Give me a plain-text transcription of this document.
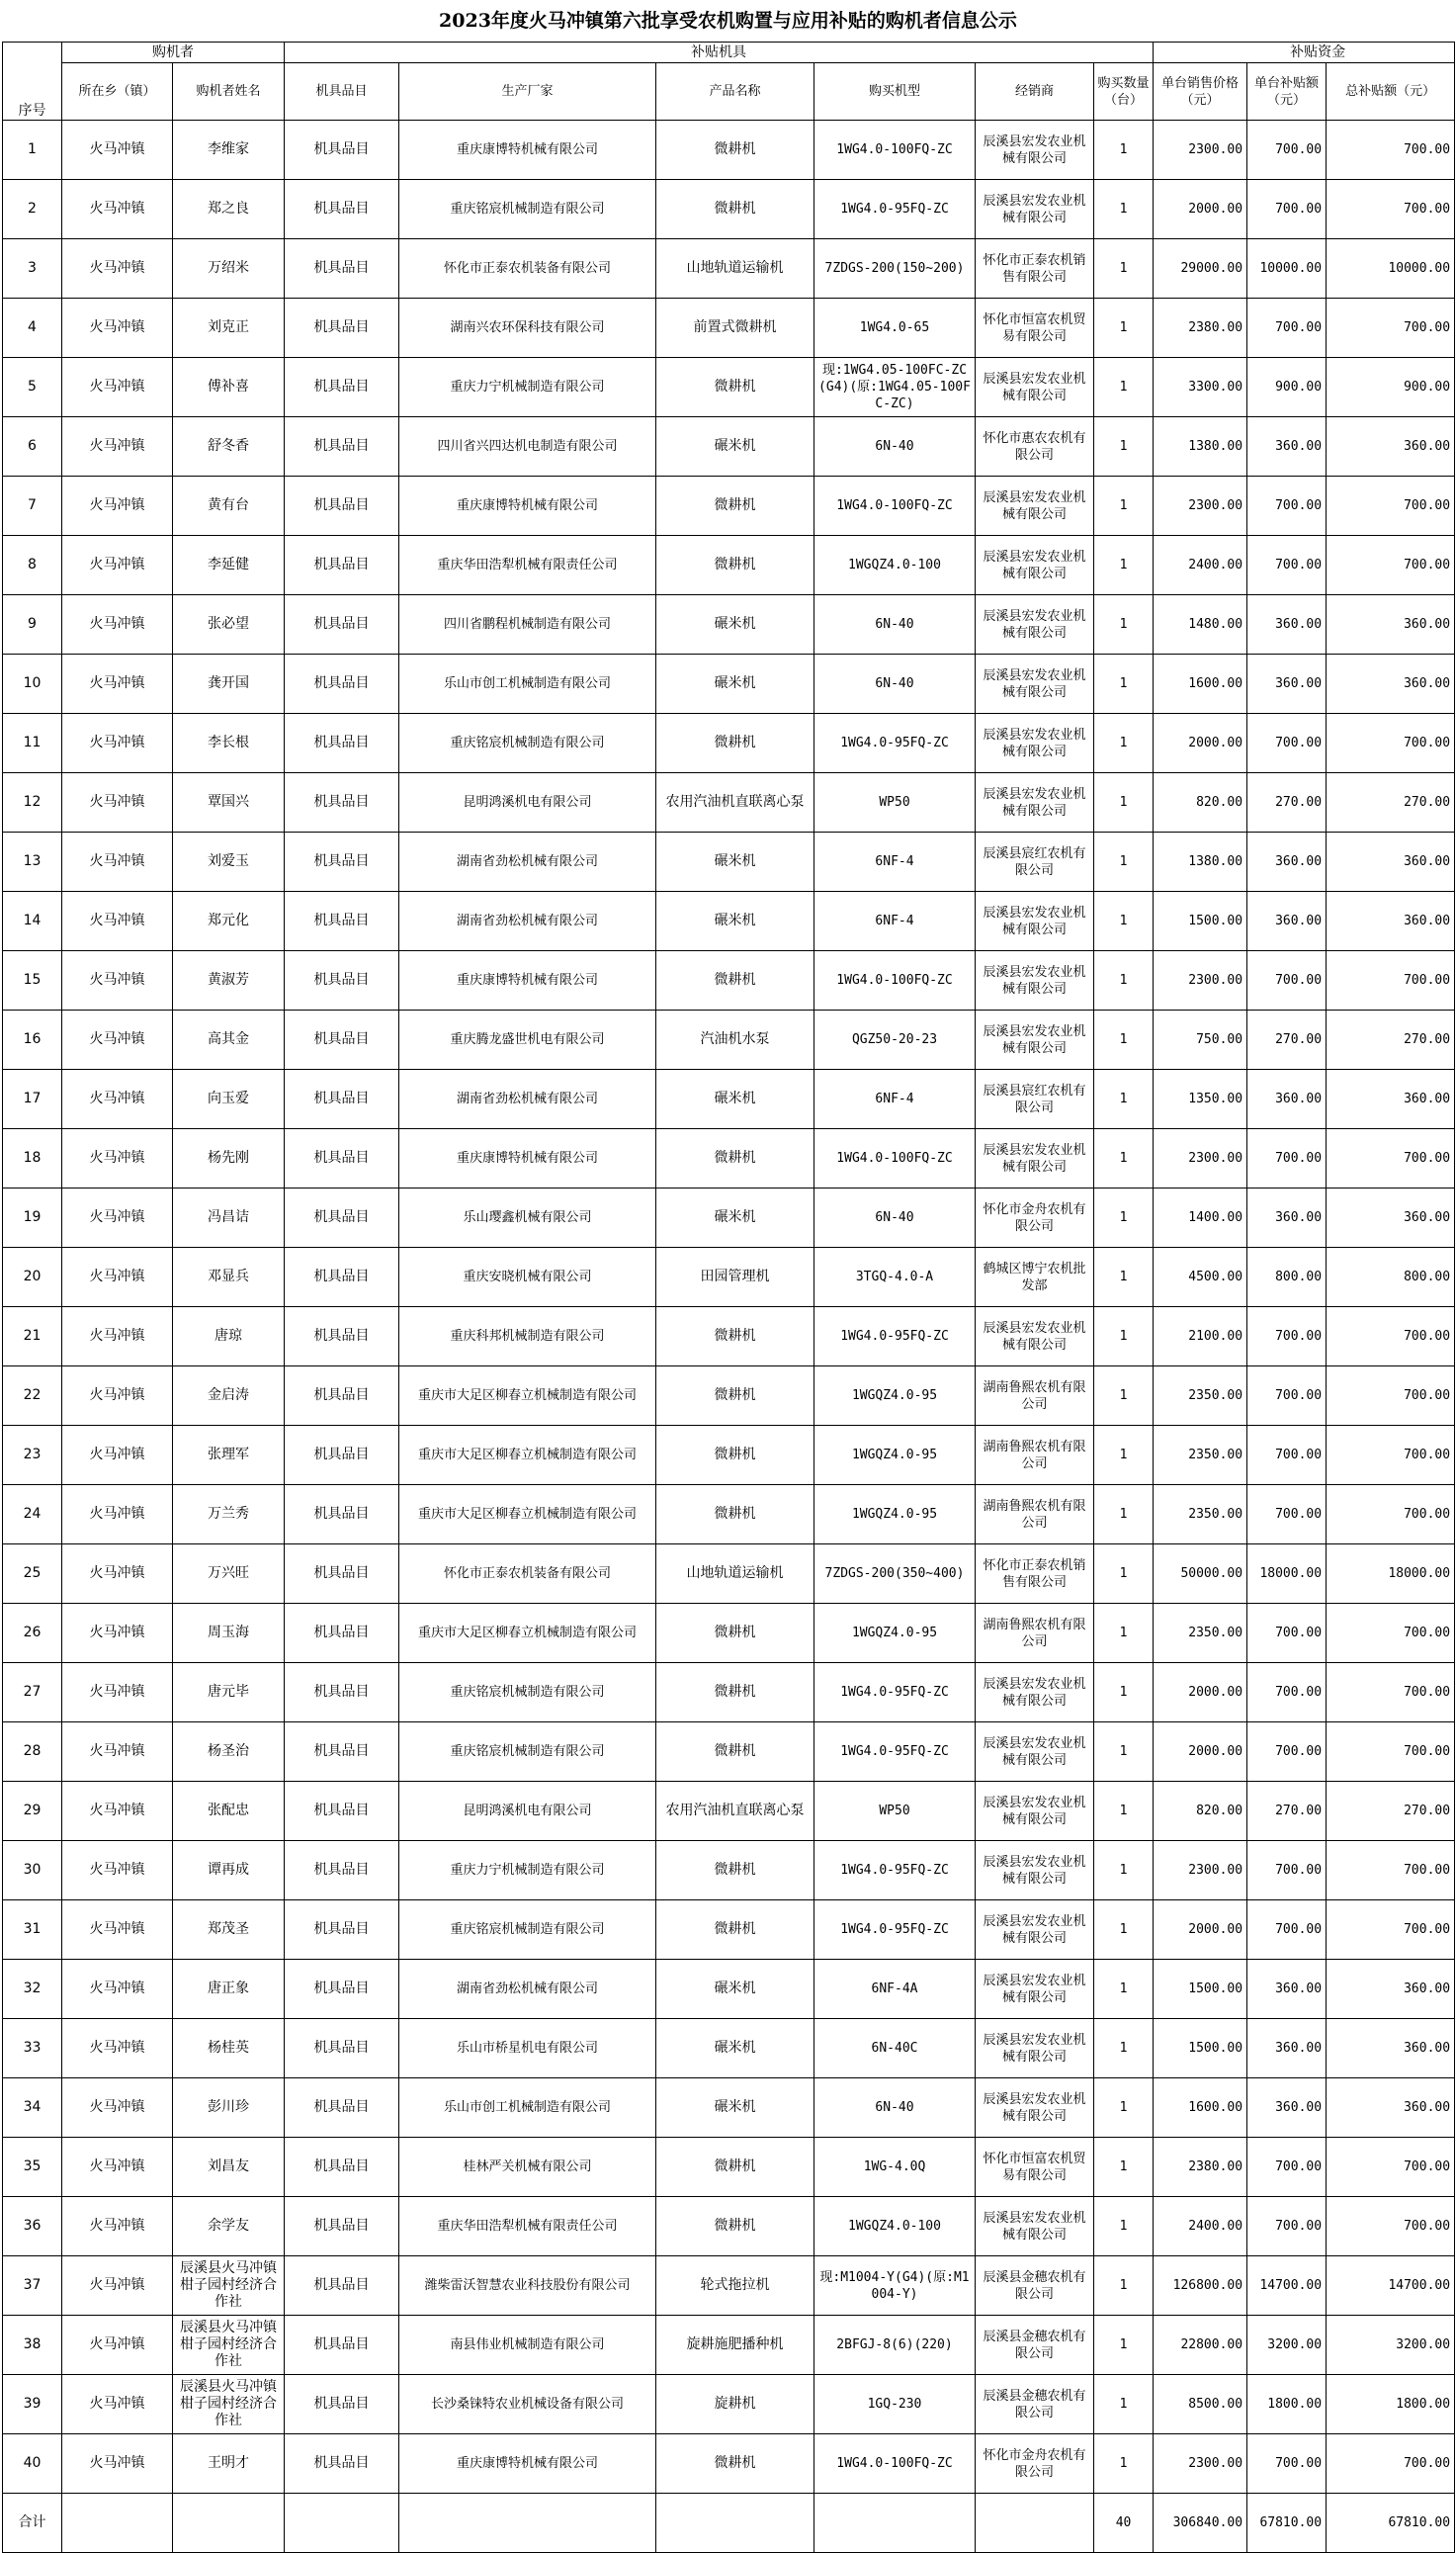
2023年度火马冲镇第六批享受农机购置与应用补贴的购机者信息公示
序号	购机者		补贴机具						补贴资金		
	所在乡（镇）	购机者姓名	机具品目	生产厂家	产品名称	购买机型	经销商	购买数量（台）	单台销售价格（元）	单台补贴额（元）	总补贴额（元）
1	火马冲镇	李维家	机具品目	重庆康博特机械有限公司	微耕机	1WG4.0-100FQ-ZC	辰溪县宏发农业机械有限公司	1	2300.00	700.00	700.00
2	火马冲镇	郑之良	机具品目	重庆铭宸机械制造有限公司	微耕机	1WG4.0-95FQ-ZC	辰溪县宏发农业机械有限公司	1	2000.00	700.00	700.00
3	火马冲镇	万绍米	机具品目	怀化市正泰农机装备有限公司	山地轨道运输机	7ZDGS-200(150~200)	怀化市正泰农机销售有限公司	1	29000.00	10000.00	10000.00
4	火马冲镇	刘克正	机具品目	湖南兴农环保科技有限公司	前置式微耕机	1WG4.0-65	怀化市恒富农机贸易有限公司	1	2380.00	700.00	700.00
5	火马冲镇	傅补喜	机具品目	重庆力宁机械制造有限公司	微耕机	现:1WG4.05-100FC-ZC(G4)(原:1WG4.05-100FC-ZC)	辰溪县宏发农业机械有限公司	1	3300.00	900.00	900.00
6	火马冲镇	舒冬香	机具品目	四川省兴四达机电制造有限公司	碾米机	6N-40	怀化市惠农农机有限公司	1	1380.00	360.00	360.00
7	火马冲镇	黄有台	机具品目	重庆康博特机械有限公司	微耕机	1WG4.0-100FQ-ZC	辰溪县宏发农业机械有限公司	1	2300.00	700.00	700.00
8	火马冲镇	李延健	机具品目	重庆华田浩犁机械有限责任公司	微耕机	1WGQZ4.0-100	辰溪县宏发农业机械有限公司	1	2400.00	700.00	700.00
9	火马冲镇	张必望	机具品目	四川省鹏程机械制造有限公司	碾米机	6N-40	辰溪县宏发农业机械有限公司	1	1480.00	360.00	360.00
10	火马冲镇	龚开国	机具品目	乐山市创工机械制造有限公司	碾米机	6N-40	辰溪县宏发农业机械有限公司	1	1600.00	360.00	360.00
11	火马冲镇	李长根	机具品目	重庆铭宸机械制造有限公司	微耕机	1WG4.0-95FQ-ZC	辰溪县宏发农业机械有限公司	1	2000.00	700.00	700.00
12	火马冲镇	覃国兴	机具品目	昆明鸿溪机电有限公司	农用汽油机直联离心泵	WP50	辰溪县宏发农业机械有限公司	1	820.00	270.00	270.00
13	火马冲镇	刘爱玉	机具品目	湖南省劲松机械有限公司	碾米机	6NF-4	辰溪县宸红农机有限公司	1	1380.00	360.00	360.00
14	火马冲镇	郑元化	机具品目	湖南省劲松机械有限公司	碾米机	6NF-4	辰溪县宏发农业机械有限公司	1	1500.00	360.00	360.00
15	火马冲镇	黄淑芳	机具品目	重庆康博特机械有限公司	微耕机	1WG4.0-100FQ-ZC	辰溪县宏发农业机械有限公司	1	2300.00	700.00	700.00
16	火马冲镇	高其金	机具品目	重庆腾龙盛世机电有限公司	汽油机水泵	QGZ50-20-23	辰溪县宏发农业机械有限公司	1	750.00	270.00	270.00
17	火马冲镇	向玉爱	机具品目	湖南省劲松机械有限公司	碾米机	6NF-4	辰溪县宸红农机有限公司	1	1350.00	360.00	360.00
18	火马冲镇	杨先刚	机具品目	重庆康博特机械有限公司	微耕机	1WG4.0-100FQ-ZC	辰溪县宏发农业机械有限公司	1	2300.00	700.00	700.00
19	火马冲镇	冯昌诘	机具品目	乐山璎鑫机械有限公司	碾米机	6N-40	怀化市金舟农机有限公司	1	1400.00	360.00	360.00
20	火马冲镇	邓显兵	机具品目	重庆安晓机械有限公司	田园管理机	3TGQ-4.0-A	鹤城区博宁农机批发部	1	4500.00	800.00	800.00
21	火马冲镇	唐琼	机具品目	重庆科邦机械制造有限公司	微耕机	1WG4.0-95FQ-ZC	辰溪县宏发农业机械有限公司	1	2100.00	700.00	700.00
22	火马冲镇	金启涛	机具品目	重庆市大足区柳春立机械制造有限公司	微耕机	1WGQZ4.0-95	湖南鲁熙农机有限公司	1	2350.00	700.00	700.00
23	火马冲镇	张理军	机具品目	重庆市大足区柳春立机械制造有限公司	微耕机	1WGQZ4.0-95	湖南鲁熙农机有限公司	1	2350.00	700.00	700.00
24	火马冲镇	万兰秀	机具品目	重庆市大足区柳春立机械制造有限公司	微耕机	1WGQZ4.0-95	湖南鲁熙农机有限公司	1	2350.00	700.00	700.00
25	火马冲镇	万兴旺	机具品目	怀化市正泰农机装备有限公司	山地轨道运输机	7ZDGS-200(350~400)	怀化市正泰农机销售有限公司	1	50000.00	18000.00	18000.00
26	火马冲镇	周玉海	机具品目	重庆市大足区柳春立机械制造有限公司	微耕机	1WGQZ4.0-95	湖南鲁熙农机有限公司	1	2350.00	700.00	700.00
27	火马冲镇	唐元毕	机具品目	重庆铭宸机械制造有限公司	微耕机	1WG4.0-95FQ-ZC	辰溪县宏发农业机械有限公司	1	2000.00	700.00	700.00
28	火马冲镇	杨圣治	机具品目	重庆铭宸机械制造有限公司	微耕机	1WG4.0-95FQ-ZC	辰溪县宏发农业机械有限公司	1	2000.00	700.00	700.00
29	火马冲镇	张配忠	机具品目	昆明鸿溪机电有限公司	农用汽油机直联离心泵	WP50	辰溪县宏发农业机械有限公司	1	820.00	270.00	270.00
30	火马冲镇	谭再成	机具品目	重庆力宁机械制造有限公司	微耕机	1WG4.0-95FQ-ZC	辰溪县宏发农业机械有限公司	1	2300.00	700.00	700.00
31	火马冲镇	郑茂圣	机具品目	重庆铭宸机械制造有限公司	微耕机	1WG4.0-95FQ-ZC	辰溪县宏发农业机械有限公司	1	2000.00	700.00	700.00
32	火马冲镇	唐正象	机具品目	湖南省劲松机械有限公司	碾米机	6NF-4A	辰溪县宏发农业机械有限公司	1	1500.00	360.00	360.00
33	火马冲镇	杨桂英	机具品目	乐山市桥星机电有限公司	碾米机	6N-40C	辰溪县宏发农业机械有限公司	1	1500.00	360.00	360.00
34	火马冲镇	彭川珍	机具品目	乐山市创工机械制造有限公司	碾米机	6N-40	辰溪县宏发农业机械有限公司	1	1600.00	360.00	360.00
35	火马冲镇	刘昌友	机具品目	桂林严关机械有限公司	微耕机	1WG-4.0Q	怀化市恒富农机贸易有限公司	1	2380.00	700.00	700.00
36	火马冲镇	余学友	机具品目	重庆华田浩犁机械有限责任公司	微耕机	1WGQZ4.0-100	辰溪县宏发农业机械有限公司	1	2400.00	700.00	700.00
37	火马冲镇	辰溪县火马冲镇柑子园村经济合作社	机具品目	潍柴雷沃智慧农业科技股份有限公司	轮式拖拉机	现:M1004-Y(G4)(原:M1004-Y)	辰溪县金穗农机有限公司	1	126800.00	14700.00	14700.00
38	火马冲镇	辰溪县火马冲镇柑子园村经济合作社	机具品目	南县伟业机械制造有限公司	旋耕施肥播种机	2BFGJ-8(6)(220)	辰溪县金穗农机有限公司	1	22800.00	3200.00	3200.00
39	火马冲镇	辰溪县火马冲镇柑子园村经济合作社	机具品目	长沙桑铼特农业机械设备有限公司	旋耕机	1GQ-230	辰溪县金穗农机有限公司	1	8500.00	1800.00	1800.00
40	火马冲镇	王明才	机具品目	重庆康博特机械有限公司	微耕机	1WG4.0-100FQ-ZC	怀化市金舟农机有限公司	1	2300.00	700.00	700.00
合计								40	306840.00	67810.00	67810.00
